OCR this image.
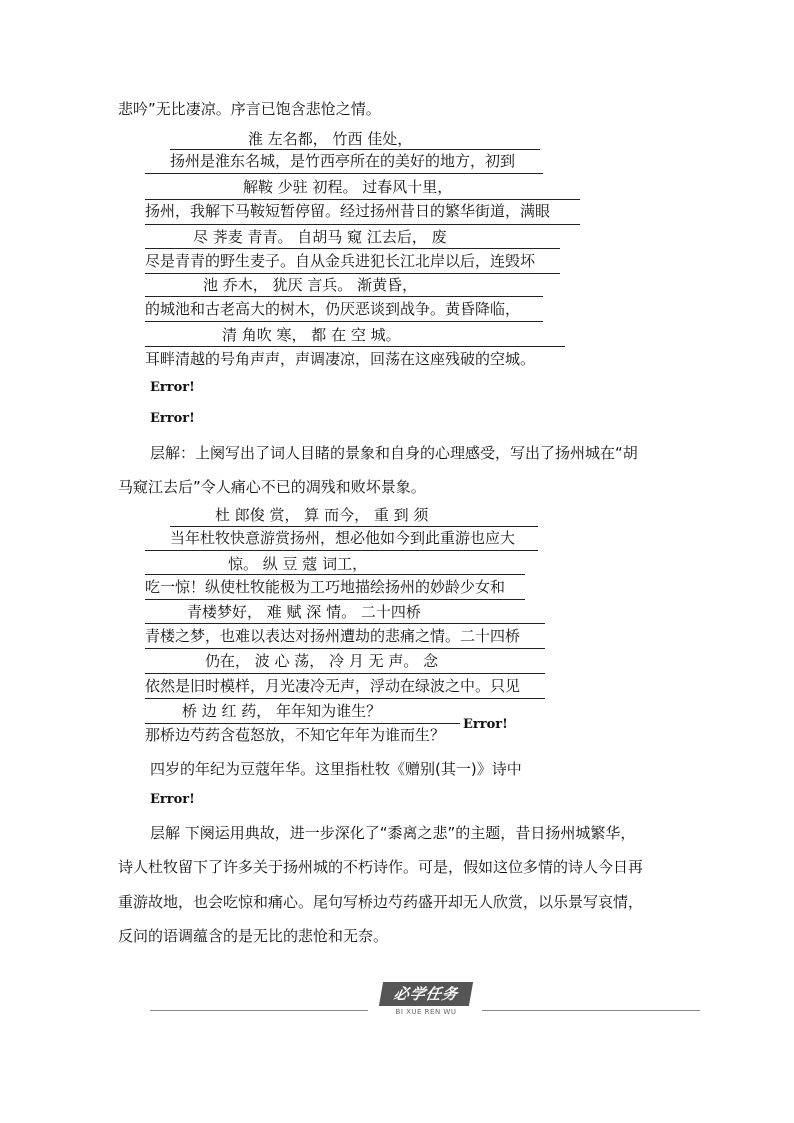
悲吟”无比凄凉。序言已饱含悲怆之情。
淮 左名都， 竹西 佳处，
扬州是淮东名城，是竹西亭所在的美好的地方，初到
解鞍 少驻 初程。 过春风十里，
扬州，我解下马鞍短暂停留。经过扬州昔日的繁华街道，满眼
尽 荠麦 青青。 自胡马 窥 江去后， 废
尽是青青的野生麦子。自从金兵进犯长江北岸以后，连毁坏
池 乔木， 犹厌 言兵。 渐黄昏，
的城池和古老高大的树木，仍厌恶谈到战争。黄昏降临，
清 角吹 寒， 都 在 空 城。
耳畔清越的号角声声，声调凄凉，回荡在这座残破的空城。
Error!
Error!
层解：上阕写出了词人目睹的景象和自身的心理感受，写出了扬州城在“胡
马窥江去后”令人痛心不已的凋残和败坏景象。
杜 郎俊 赏， 算 而今， 重 到 须
当年杜牧快意游赏扬州，想必他如今到此重游也应大
惊。 纵 豆 蔻 词工，
吃一惊！纵使杜牧能极为工巧地描绘扬州的妙龄少女和
青楼梦好， 难 赋 深 情。 二十四桥
青楼之梦，也难以表达对扬州遭劫的悲痛之情。二十四桥
仍在， 波 心 荡， 冷 月 无 声。 念
依然是旧时模样，月光凄冷无声，浮动在绿波之中。只见
桥 边 红 药， 年年知为谁生？
Error!
那桥边芍药含苞怒放，不知它年年为谁而生？
四岁的年纪为豆蔻年华。这里指杜牧《赠别(其一)》诗中
Error!
层解 下阕运用典故，进一步深化了“黍离之悲”的主题，昔日扬州城繁华，
诗人杜牧留下了许多关于扬州城的不朽诗作。可是，假如这位多情的诗人今日再
重游故地，也会吃惊和痛心。尾句写桥边芍药盛开却无人欣赏，以乐景写哀情，
反问的语调蕴含的是无比的悲怆和无奈。
必学任务
BI XUE REN WU
